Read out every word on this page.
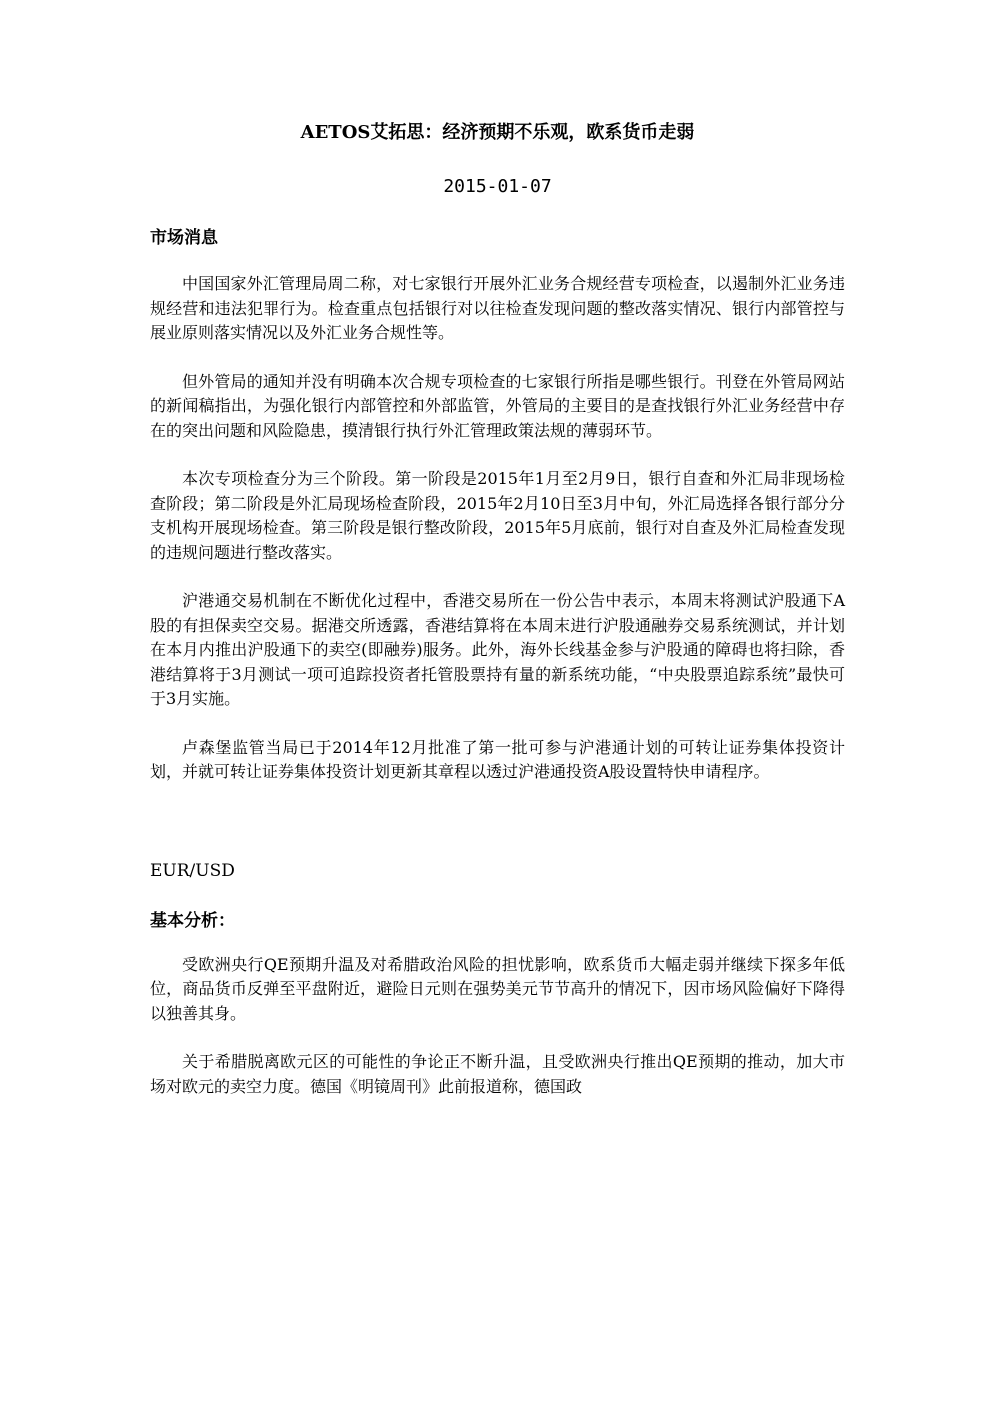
AETOS艾拓思：经济预期不乐观，欧系货币走弱
2015-01-07
市场消息

中国国家外汇管理局周二称，对七家银行开展外汇业务合规经营专项检查，以遏制外汇业务违规经营和违法犯罪行为。检查重点包括银行对以往检查发现问题的整改落实情况、银行内部管控与展业原则落实情况以及外汇业务合规性等。

但外管局的通知并没有明确本次合规专项检查的七家银行所指是哪些银行。刊登在外管局网站的新闻稿指出，为强化银行内部管控和外部监管，外管局的主要目的是查找银行外汇业务经营中存在的突出问题和风险隐患，摸清银行执行外汇管理政策法规的薄弱环节。

本次专项检查分为三个阶段。第一阶段是2015年1月至2月9日，银行自查和外汇局非现场检查阶段；第二阶段是外汇局现场检查阶段，2015年2月10日至3月中旬，外汇局选择各银行部分分支机构开展现场检查。第三阶段是银行整改阶段，2015年5月底前，银行对自查及外汇局检查发现的违规问题进行整改落实。

沪港通交易机制在不断优化过程中，香港交易所在一份公告中表示，本周末将测试沪股通下A股的有担保卖空交易。据港交所透露，香港结算将在本周末进行沪股通融券交易系统测试，并计划在本月内推出沪股通下的卖空(即融券)服务。此外，海外长线基金参与沪股通的障碍也将扫除，香港结算将于3月测试一项可追踪投资者托管股票持有量的新系统功能，“中央股票追踪系统”最快可于3月实施。

卢森堡监管当局已于2014年12月批准了第一批可参与沪港通计划的可转让证券集体投资计划，并就可转让证券集体投资计划更新其章程以透过沪港通投资A股设置特快申请程序。

EUR/USD
基本分析：

受欧洲央行QE预期升温及对希腊政治风险的担忧影响，欧系货币大幅走弱并继续下探多年低位，商品货币反弹至平盘附近，避险日元则在强势美元节节高升的情况下，因市场风险偏好下降得以独善其身。

关于希腊脱离欧元区的可能性的争论正不断升温，且受欧洲央行推出QE预期的推动，加大市场对欧元的卖空力度。德国《明镜周刊》此前报道称，德国政
